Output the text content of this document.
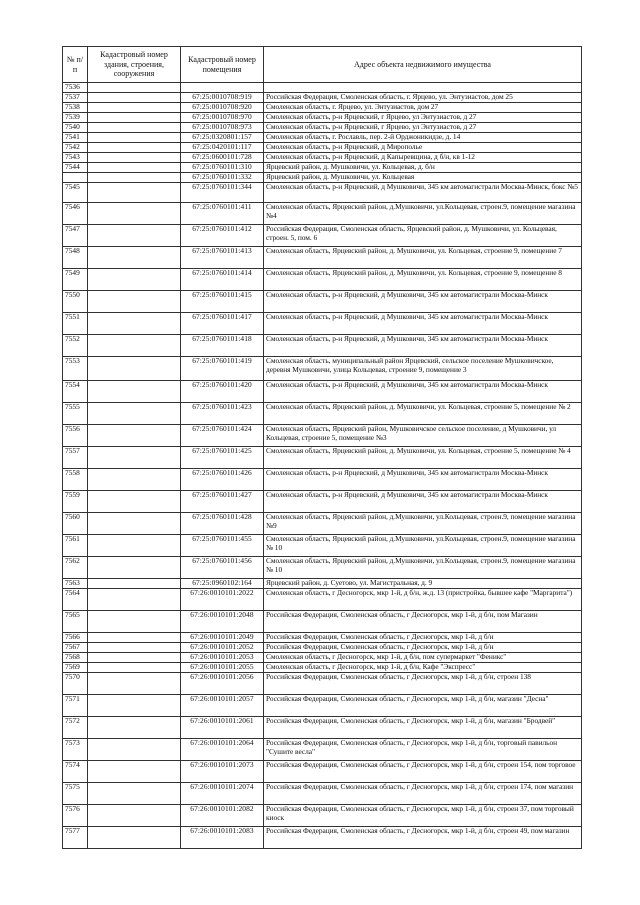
№ п/п	Кадастровый номер здания, строения, сооружения	Кадастровый номер помещения	Адрес объекта недвижимого имущества
7536			
7537		67:25:0010708:919	Российская Федерация, Смоленская область, г. Ярцево, ул. Энтузиастов, дом 25
7538		67:25:0010708:920	Смоленская область, г. Ярцево, ул. Энтузиастов, дом 27
7539		67:25:0010708:970	Смоленская область, р-н Ярцевский, г Ярцево, ул Энтузиастов, д 27
7540		67:25:0010708:973	Смоленская область, р-н Ярцевский, г Ярцево, ул Энтузиастов, д 27
7541		67:25:0320801:157	Смоленская область, г. Рославль, пер. 2-й Орджоникидзе, д. 14
7542		67:25:0420101:117	Смоленская область, р-н Ярцевский, д Мирополье
7543		67:25:0600101:728	Смоленская область, р-н Ярцевский, д Капыревщина, д б/н, кв 1-12
7544		67:25:0760101:310	Ярцевский район, д. Мушковичи, ул. Кольцевая, д. б/н
		67:25:0760101:332	Ярцевский район, д. Мушковичи, ул. Кольцевая
7545		67:25:0760101:344	Смоленская область, р-н Ярцевский, д Мушковичи, 345 км автомагистрали Москва-Минск, бокс №5
7546		67:25:0760101:411	Смоленская область, Ярцевский район, д.Мушковичи, ул.Кольцевая, строен.9, помещение магазина №4
7547		67:25:0760101:412	Российская Федерация, Смоленская область, Ярцевский район, д. Мушковичи, ул. Кольцевая, строен. 5, пом. 6
7548		67:25:0760101:413	Смоленская область, Ярцевский район, д. Мушковичи, ул. Кольцевая, строение 9, помещение 7
7549		67:25:0760101:414	Смоленская область, Ярцевский район, д. Мушковичи, ул. Кольцевая, строение 9, помещение 8
7550		67:25:0760101:415	Смоленская область, р-н Ярцевский, д Мушковичи, 345 км автомагистрали Москва-Минск
7551		67:25:0760101:417	Смоленская область, р-н Ярцевский, д Мушковичи, 345 км автомагистрали Москва-Минск
7552		67:25:0760101:418	Смоленская область, р-н Ярцевский, д Мушковичи, 345 км автомагистрали Москва-Минск
7553		67:25:0760101:419	Смоленская область, муниципальный район Ярцевский, сельское поселение Мушковичское, деревня Мушковичи, улица Кольцевая, строение 9, помещение 3
7554		67:25:0760101:420	Смоленская область, р-н Ярцевский, д Мушковичи, 345 км автомагистрали Москва-Минск
7555		67:25:0760101:423	Смоленская область, Ярцевский район, д. Мушковичи, ул. Кольцевая, строение 5, помещение № 2
7556		67:25:0760101:424	Смоленская область, Ярцевский район, Мушковичское сельское поселение, д Мушковичи, ул Кольцевая, строение 5, помещение №3
7557		67:25:0760101:425	Смоленская область, Ярцевский район, д. Мушковичи, ул. Кольцевая, строение 5, помещение № 4
7558		67:25:0760101:426	Смоленская область, р-н Ярцевский, д Мушковичи, 345 км автомагистрали Москва-Минск
7559		67:25:0760101:427	Смоленская область, р-н Ярцевский, д Мушковичи, 345 км автомагистрали Москва-Минск
7560		67:25:0760101:428	Смоленская область, Ярцевский район, д.Мушковичи, ул.Кольцевая, строен.9, помещение магазина №9
7561		67:25:0760101:455	Смоленская область, Ярцевский район, д.Мушковичи, ул.Кольцевая, строен.9, помещение магазина № 10
7562		67:25:0760101:456	Смоленская область, Ярцевский район, д.Мушковичи, ул.Кольцевая, строен.9, помещение магазина № 10
7563		67:25:0960102:164	Ярцевский район, д. Суетово, ул. Магистральная, д. 9
7564		67:26:0010101:2022	Смоленская область, г Десногорск, мкр 1-й, д б/н, ж.д. 13 (пристройка, бывшее кафе "Маргарита")
7565		67:26:0010101:2048	Российская Федерация, Смоленская область, г Десногорск, мкр 1-й, д б/н, пом Магазин
7566		67:26:0010101:2049	Российская Федерация, Смоленская область, г Десногорск, мкр 1-й, д б/н
7567		67:26:0010101:2052	Российская Федерация, Смоленская область, г Десногорск, мкр 1-й, д б/н
7568		67:26:0010101:2053	Смоленская область, г Десногорск, мкр 1-й, д б/н, пом супермаркет "Феникс"
7569		67:26:0010101:2055	Смоленская область, г Десногорск, мкр 1-й, д б/н, Кафе "Экспресс"
7570		67:26:0010101:2056	Российская Федерация, Смоленская область, г Десногорск, мкр 1-й, д б/н, строен 138
7571		67:26:0010101:2057	Российская Федерация, Смоленская область, г Десногорск, мкр 1-й, д б/н, магазин "Десна"
7572		67:26:0010101:2061	Российская Федерация, Смоленская область, г Десногорск, мкр 1-й, д б/н, магазин "Бродвей"
7573		67:26:0010101:2064	Российская Федерация, Смоленская область, г Десногорск, мкр 1-й, д б/н, торговый павильон "Сушите весла"
7574		67:26:0010101:2073	Российская Федерация, Смоленская область, г Десногорск, мкр 1-й, д б/н, строен 154, пом торговое
7575		67:26:0010101:2074	Российская Федерация, Смоленская область, г Десногорск, мкр 1-й, д б/н, строен 174, пом магазин
7576		67:26:0010101:2082	Российская Федерация, Смоленская область, г Десногорск, мкр 1-й, д б/н, строен 37, пом торговый киоск
7577		67:26:0010101:2083	Российская Федерация, Смоленская область, г Десногорск, мкр 1-й, д б/н, строен 49, пом магазин
